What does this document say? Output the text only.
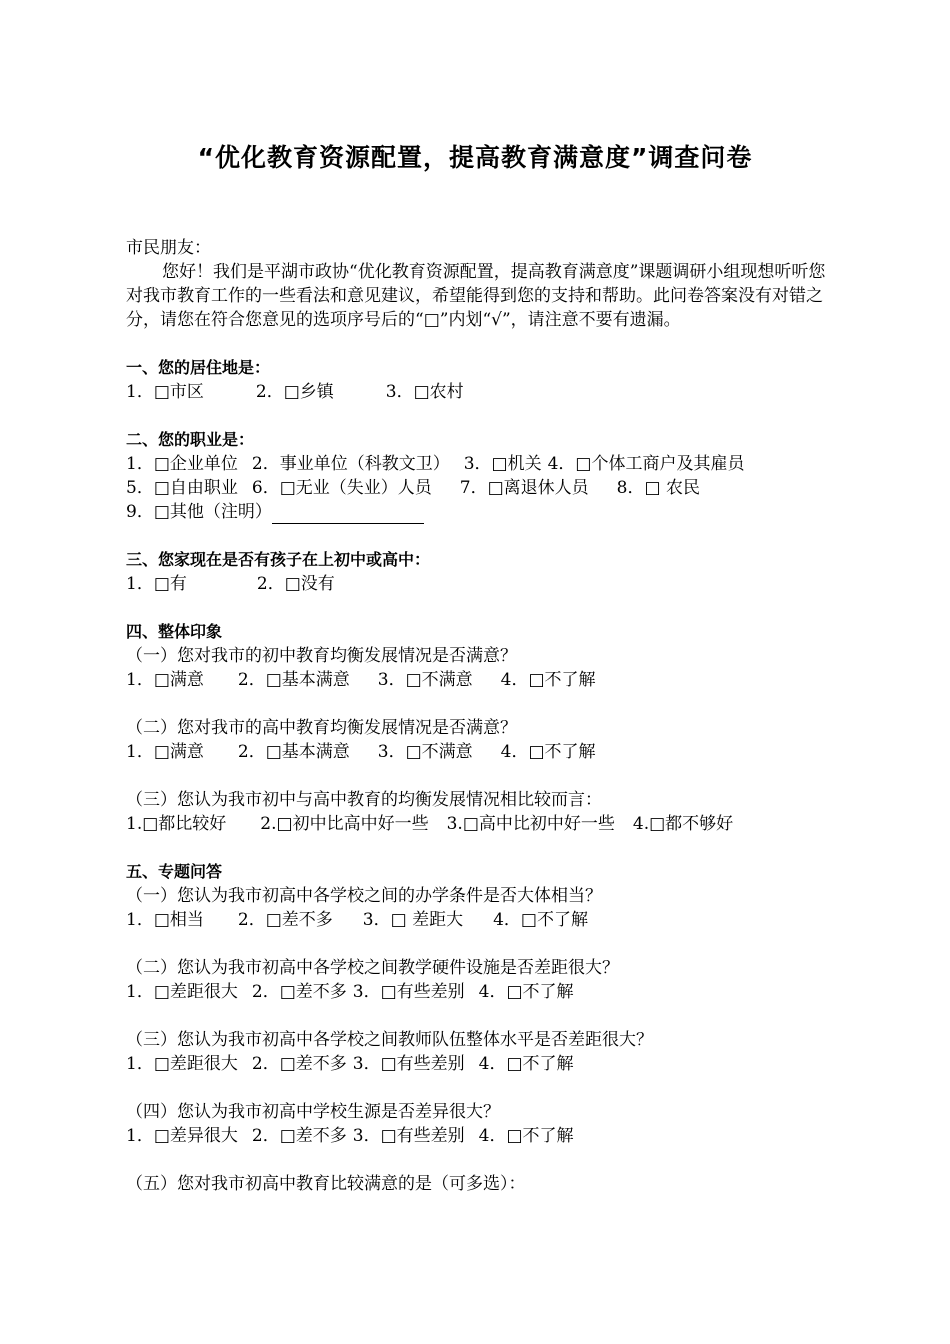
“优化教育资源配置，提高教育满意度”调查问卷

市民朋友：

您好！我们是平湖市政协“优化教育资源配置，提高教育满意度”课题调研小组现想听听您对我市教育工作的一些看法和意见建议，希望能得到您的支持和帮助。此问卷答案没有对错之分，请您在符合您意见的选项序号后的“□”内划“√”，请注意不要有遗漏。

一、您的居住地是：

1．□市区	2．□乡镇	3．□农村

二、您的职业是：

1．□企业单位 2．事业单位（科教文卫） 3．□机关 4．□个体工商户及其雇员
5．□自由职业 6．□无业（失业）人员 7．□离退休人员 8．□ 农民
9．□其他（注明）

三、您家现在是否有孩子在上初中或高中：

1．□有	2．□没有

四、整体印象

（一）您对我市的初中教育均衡发展情况是否满意？

1．□满意 2．□基本满意 3．□不满意 4．□不了解

（二）您对我市的高中教育均衡发展情况是否满意？

1．□满意 2．□基本满意 3．□不满意 4．□不了解

（三）您认为我市初中与高中教育的均衡发展情况相比较而言：

1.□都比较好 2.□初中比高中好一些 3.□高中比初中好一些 4.□都不够好

五、专题问答

（一）您认为我市初高中各学校之间的办学条件是否大体相当？

1．□相当 2．□差不多 3．□ 差距大 4．□不了解

（二）您认为我市初高中各学校之间教学硬件设施是否差距很大？

1．□差距很大 2．□差不多 3．□有些差别 4．□不了解

（三）您认为我市初高中各学校之间教师队伍整体水平是否差距很大？

1．□差距很大 2．□差不多 3．□有些差别 4．□不了解

（四）您认为我市初高中学校生源是否差异很大？

1．□差异很大 2．□差不多 3．□有些差别 4．□不了解

（五）您对我市初高中教育比较满意的是（可多选）：
